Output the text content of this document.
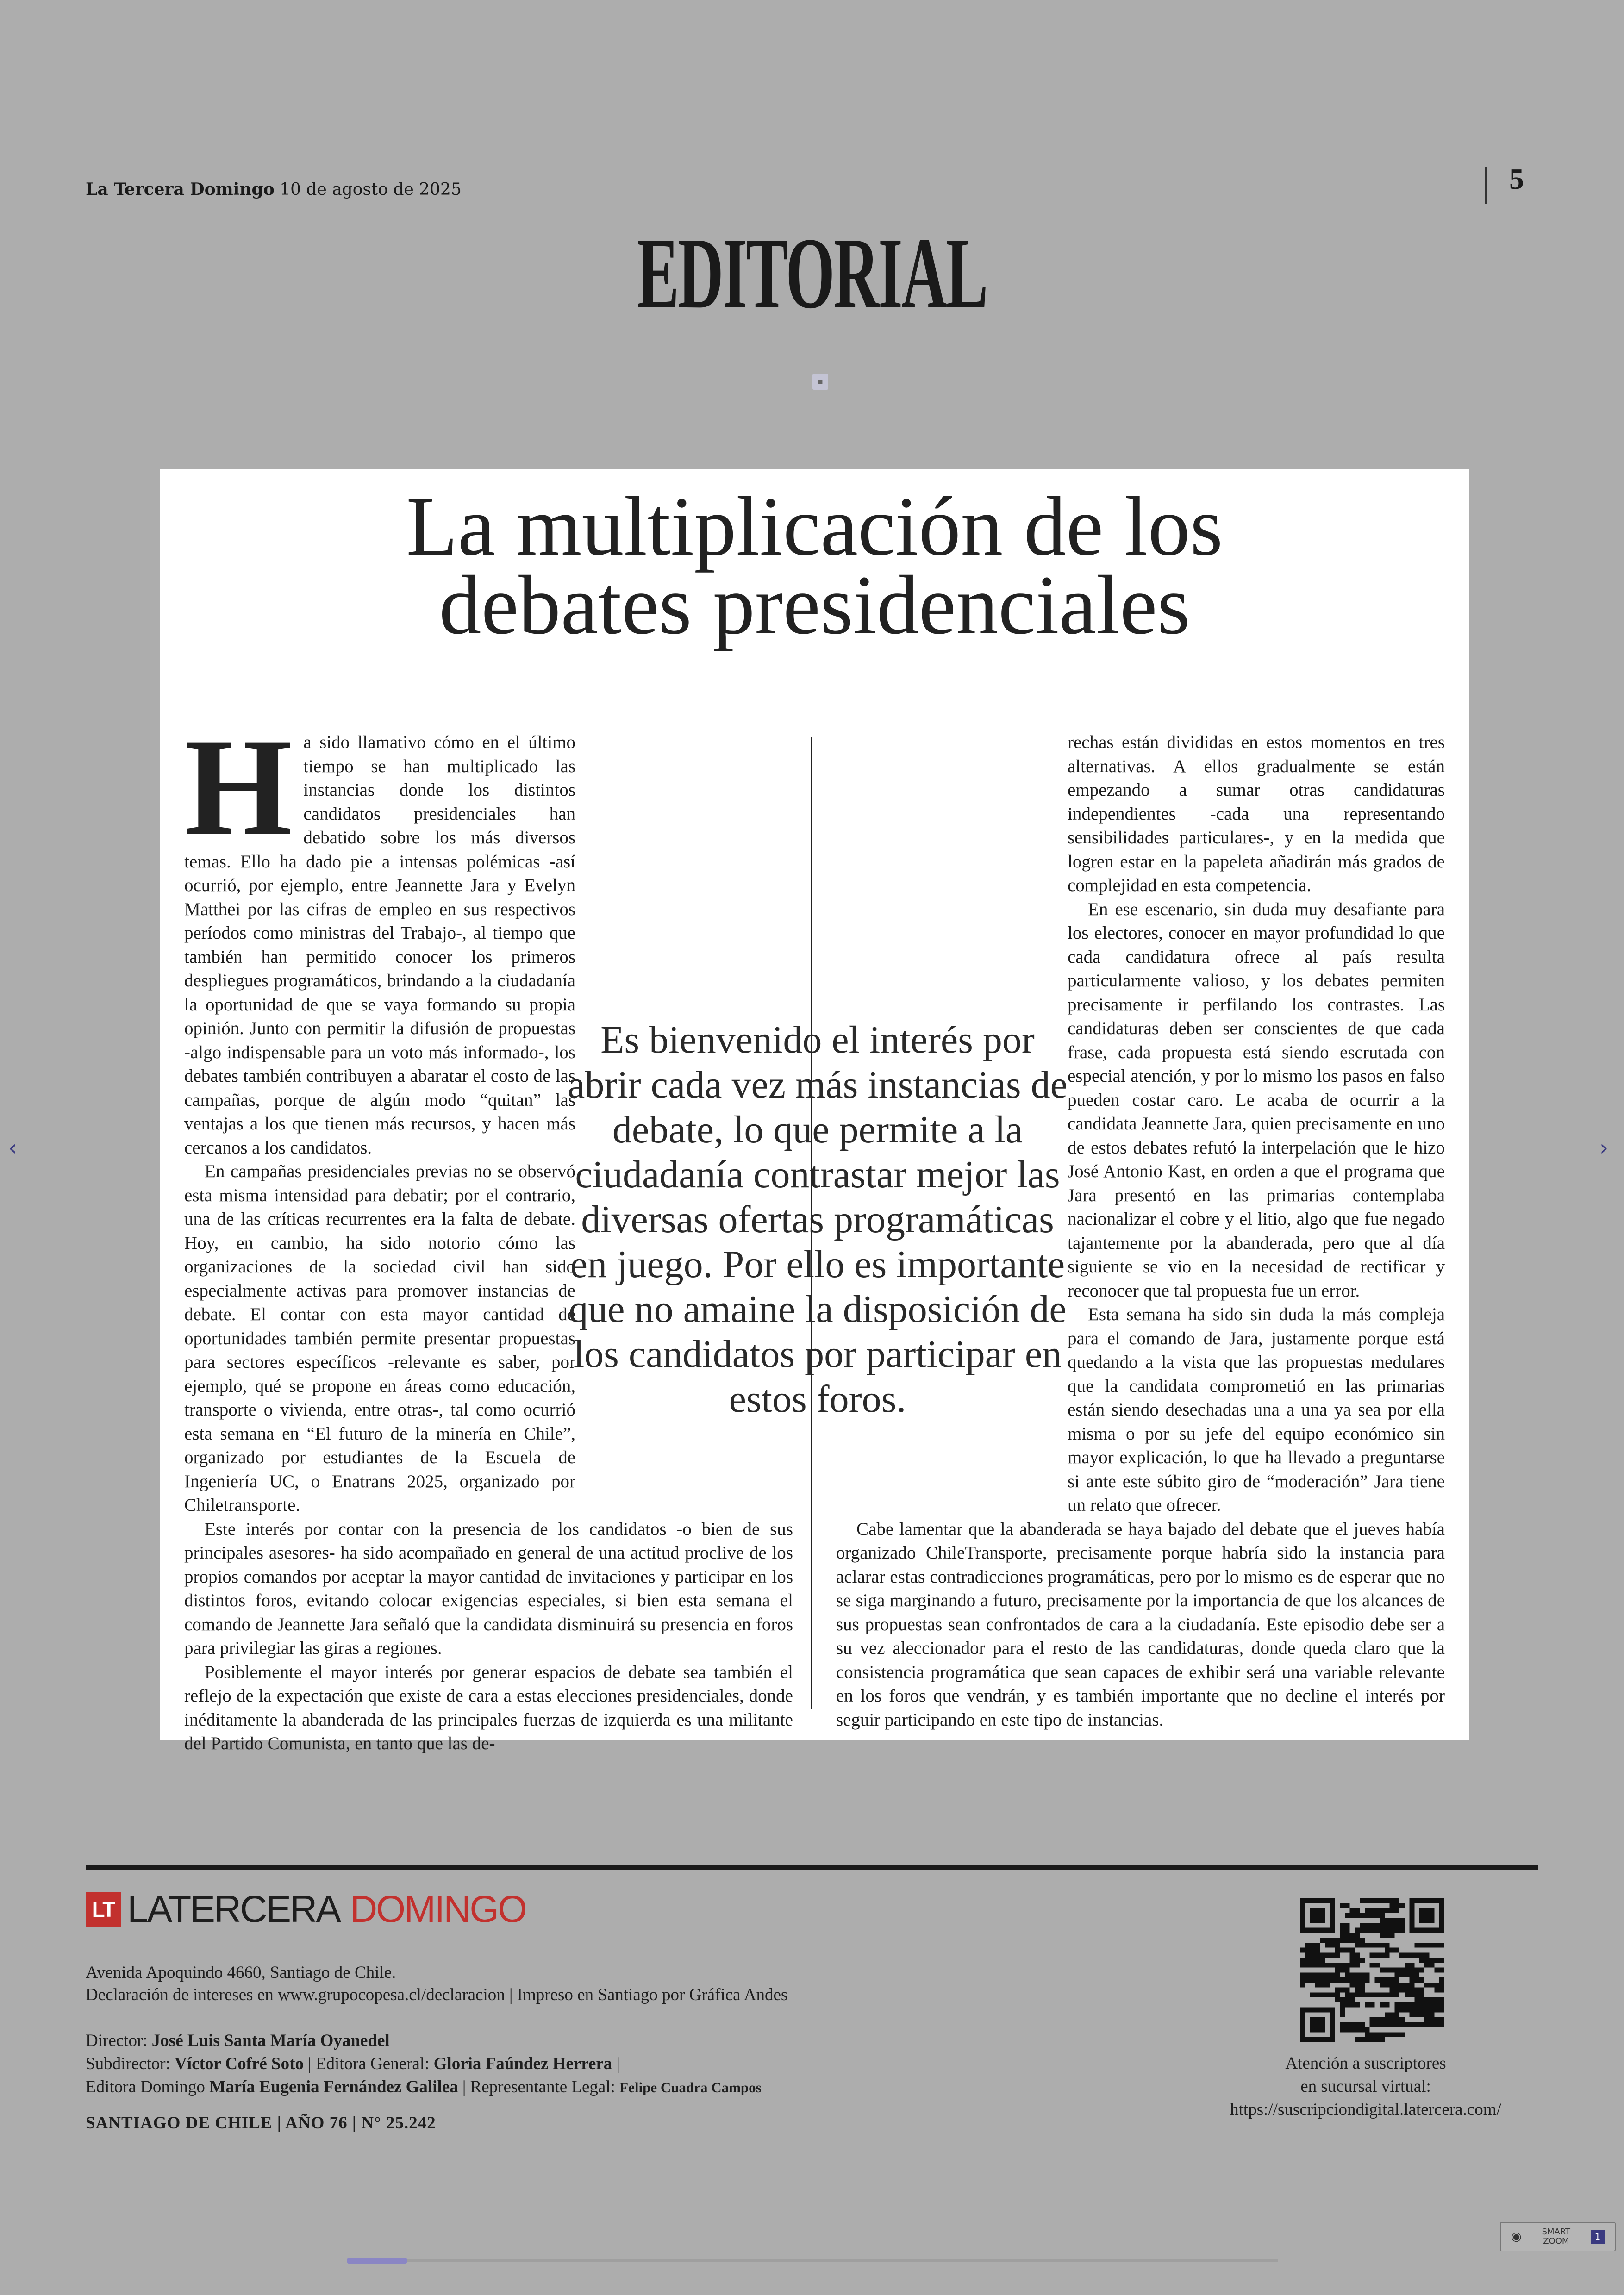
La Tercera Domingo 10 de agosto de 2025	5
EDITORIAL
▪
La multiplicación de los
debates presidenciales
H a sido llamativo cómo en el último tiempo se han multiplicado las instancias donde los distintos candidatos presidenciales han debatido sobre los más diversos temas. Ello ha dado pie a intensas polémicas -así ocurrió, por ejemplo, entre Jeannette Jara y Evelyn Matthei por las cifras de empleo en sus respectivos períodos como ministras del Trabajo-, al tiempo que también han permitido conocer los primeros despliegues programáticos, brindando a la ciudadanía la oportunidad de que se vaya formando su propia opinión. Junto con permitir la difusión de propuestas -algo indispensable para un voto más informado-, los debates también contribuyen a abaratar el costo de las campañas, porque de algún modo “quitan” las ventajas a los que tienen más recursos, y hacen más cercanos a los candidatos.

En campañas presidenciales previas no se observó esta misma intensidad para debatir; por el contrario, una de las críticas recurrentes era la falta de debate. Hoy, en cambio, ha sido notorio cómo las organizaciones de la sociedad civil han sido especialmente activas para promover instancias de debate. El contar con esta mayor cantidad de oportunidades también permite presentar propuestas para sectores específicos -relevante es saber, por ejemplo, qué se propone en áreas como educación, transporte o vivienda, entre otras-, tal como ocurrió esta semana en “El futuro de la minería en Chile”, organizado por estudiantes de la Escuela de Ingeniería UC, o Enatrans 2025, organizado por Chiletransporte.

Este interés por contar con la presencia de los candidatos -o bien de sus principales asesores- ha sido acompañado en general de una actitud proclive de los propios comandos por aceptar la mayor cantidad de invitaciones y participar en los distintos foros, evitando colocar exigencias especiales, si bien esta semana el comando de Jeannette Jara señaló que la candidata disminuirá su presencia en foros para privilegiar las giras a regiones.

Posiblemente el mayor interés por generar espacios de debate sea también el reflejo de la expectación que existe de cara a estas elecciones presidenciales, donde inéditamente la abanderada de las principales fuerzas de izquierda es una militante del Partido Comunista, en tanto que las de-

rechas están divididas en estos momentos en tres alternativas. A ellos gradualmente se están empezando a sumar otras candidaturas independientes -cada una representando sensibilidades particulares-, y en la medida que logren estar en la papeleta añadirán más grados de complejidad en esta competencia.

En ese escenario, sin duda muy desafiante para los electores, conocer en mayor profundidad lo que cada candidatura ofrece al país resulta particularmente valioso, y los debates permiten precisamente ir perfilando los contrastes. Las candidaturas deben ser conscientes de que cada frase, cada propuesta está siendo escrutada con especial atención, y por lo mismo los pasos en falso pueden costar caro. Le acaba de ocurrir a la candidata Jeannette Jara, quien precisamente en uno de estos debates refutó la interpelación que le hizo José Antonio Kast, en orden a que el programa que Jara presentó en las primarias contemplaba nacionalizar el cobre y el litio, algo que fue negado tajantemente por la abanderada, pero que al día siguiente se vio en la necesidad de rectificar y reconocer que tal propuesta fue un error.

Esta semana ha sido sin duda la más compleja para el comando de Jara, justamente porque está quedando a la vista que las propuestas medulares que la candidata comprometió en las primarias están siendo desechadas una a una ya sea por ella misma o por su jefe del equipo económico sin mayor explicación, lo que ha llevado a preguntarse si ante este súbito giro de “moderación” Jara tiene un relato que ofrecer.

Cabe lamentar que la abanderada se haya bajado del debate que el jueves había organizado ChileTransporte, precisamente porque habría sido la instancia para aclarar estas contradicciones programáticas, pero por lo mismo es de esperar que no se siga marginando a futuro, precisamente por la importancia de que los alcances de sus propuestas sean confrontados de cara a la ciudadanía. Este episodio debe ser a su vez aleccionador para el resto de las candidaturas, donde queda claro que la consistencia programática que sean capaces de exhibir será una variable relevante en los foros que vendrán, y es también importante que no decline el interés por seguir participando en este tipo de instancias.

Es bienvenido el interés por abrir cada vez más instancias de debate, lo que permite a la ciudadanía contrastar mejor las diversas ofertas programáticas en juego. Por ello es importante que no amaine la disposición de los candidatos por participar en estos foros.
LT LATERCERA DOMINGO
Avenida Apoquindo 4660, Santiago de Chile.
Declaración de intereses en www.grupocopesa.cl/declaracion | Impreso en Santiago por Gráfica Andes
Director: José Luis Santa María Oyanedel
Subdirector: Víctor Cofré Soto | Editora General: Gloria Faúndez Herrera |
Editora Domingo María Eugenia Fernández Galilea | Representante Legal: Felipe Cuadra Campos
SANTIAGO DE CHILE | AÑO 76 | N° 25.242
Atención a suscriptores
en sucursal virtual:
https://suscripciondigital.latercera.com/
‹	›
◉ SMART
ZOOM	1
